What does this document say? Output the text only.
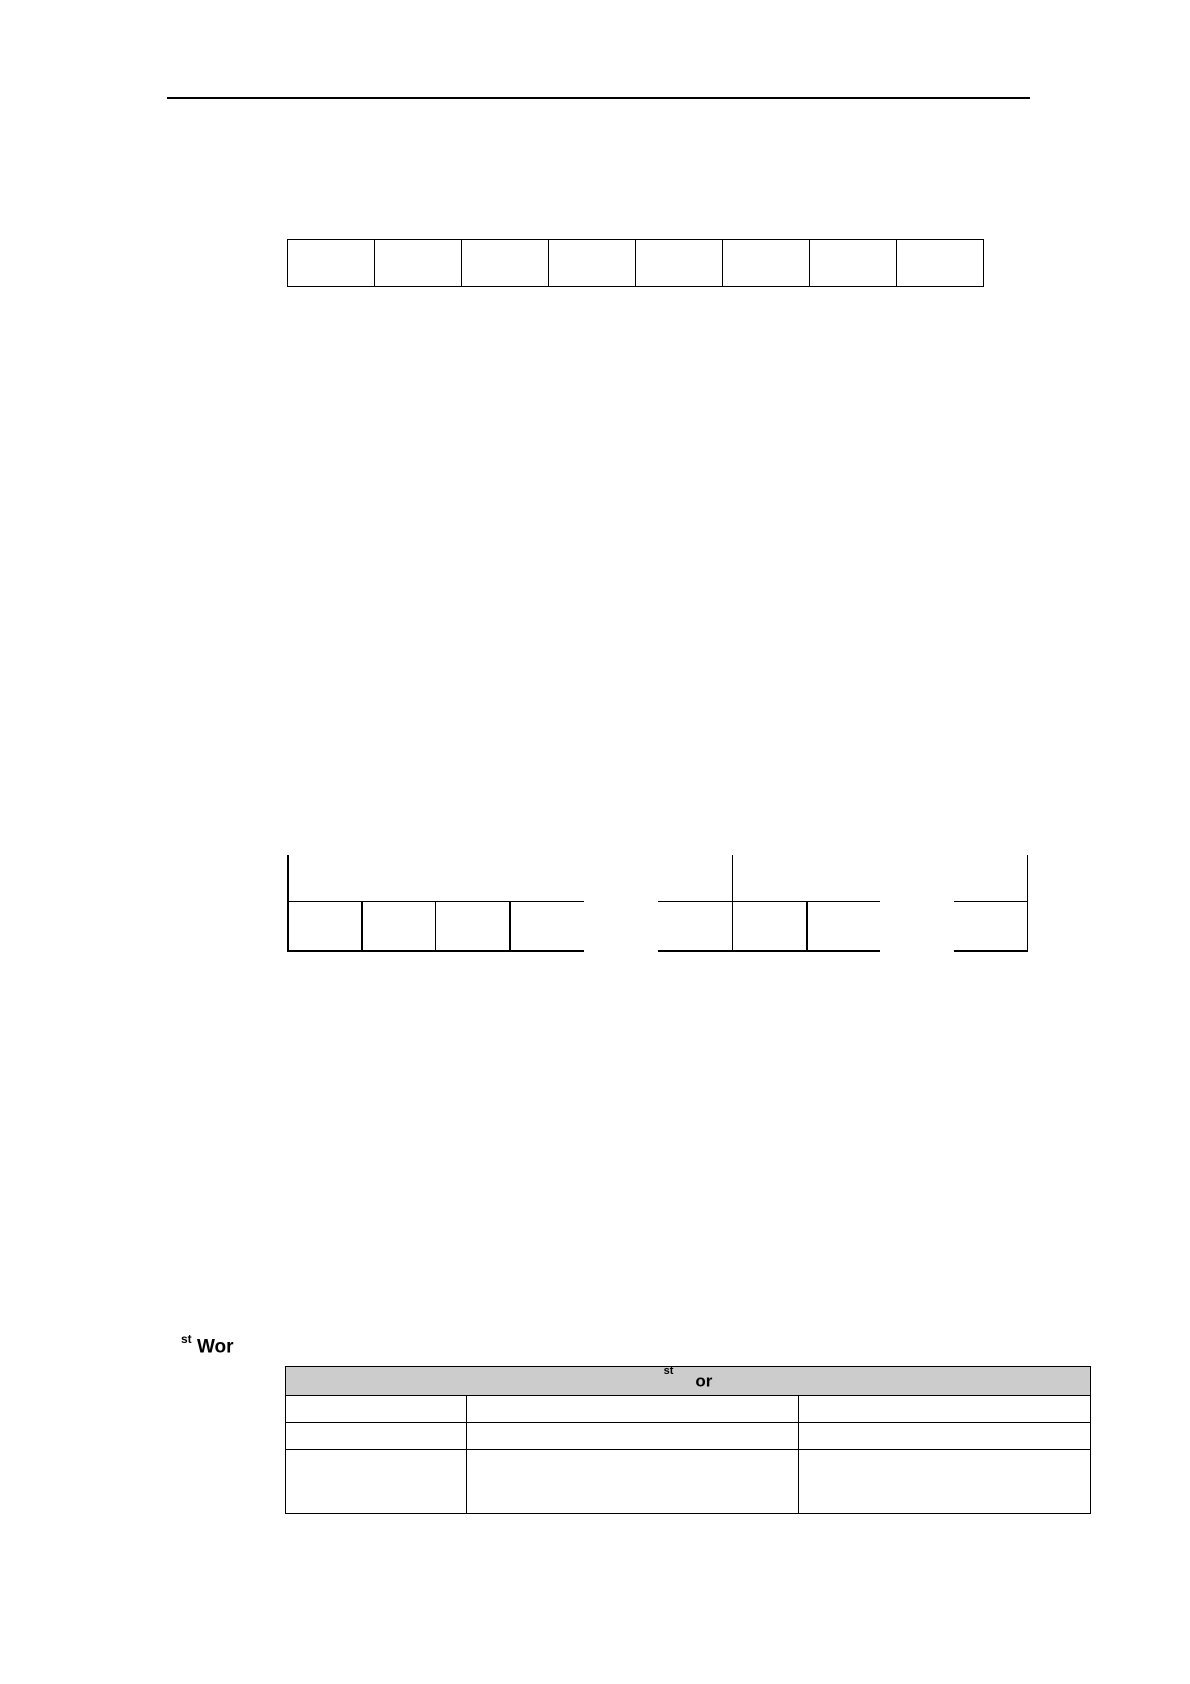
$^{st}$ Wor
$^{st}$or		
